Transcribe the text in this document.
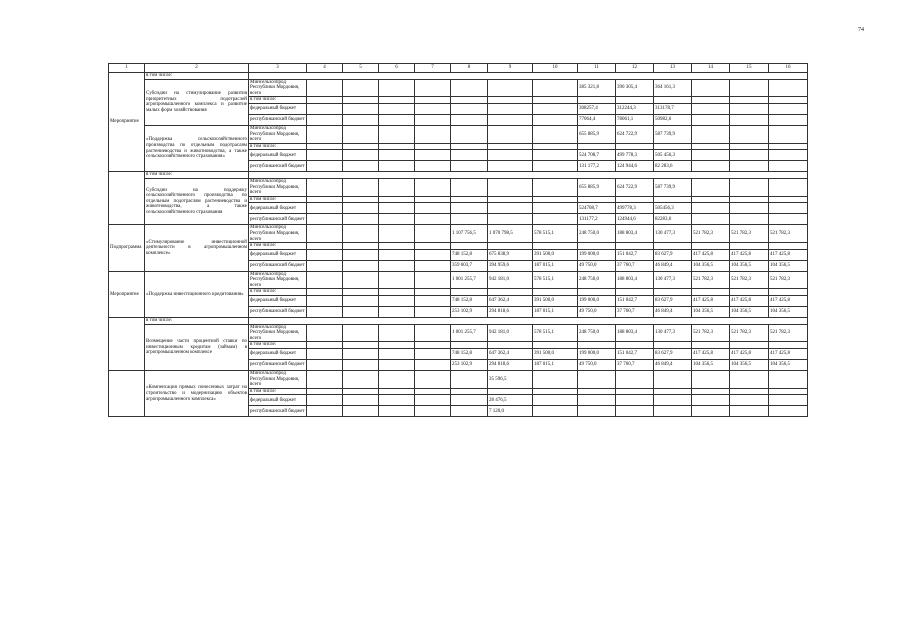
74
1	2	3	4	5	6	7	8	9	10	11	12	13	14	15	16
Мероприятие	в том числе:														
	Субсидии на стимулирование развития приоритетных подотраслей агропромышленного комплекса и развитие малых форм хозяйствования	Минсельхозпрод Республики Мордовия, всего								385 321,8	390 305,4	364 161,3			
		в том числе:													
		федеральный бюджет								308257,4	312244,3	313178,7			
		республиканский бюджет								77064,4	78061,1	50982,6			
	«Поддержка сельскохозяйственного производства по отдельным подотраслям растениеводства и животноводства, а также сельскохозяйственного страхования»	Минсельхозпрод Республики Мордовия, всего								655 885,9	624 722,9	587 739,9			
		в том числе:													
		федеральный бюджет								524 708,7	499 778,3	505 456,3			
		республиканский бюджет								131 177,2	124 944,6	82 283,6			
	в том числе:														
	Субсидии на поддержку сельскохозяйственного производства по отдельным подотраслям растениеводства и животноводства, а также сельскохозяйственного страхования	Минсельхозпрод Республики Мордовия, всего								655 885,9	624 722,9	587 739,9			
		в том числе:													
		федеральный бюджет								524708,7	499778,3	505456,3			
		республиканский бюджет								131177,2	124944,6	82283,6			
Подпрограмма	«Стимулирование инвестиционной деятельности в агропромышленном комплексе»	Минсельхозпрод Республики Мордовия, всего					1 107 756,5	1 070 798,5	578 515,1	248 750,0	188 803,4	130 477,3	521 782,3	521 782,3	521 782,3
		в том числе:													
		федеральный бюджет					748 152,8	675 838,9	391 500,0	199 000,0	151 042,7	83 627,9	417 425,8	417 425,8	417 425,8
		республиканский бюджет					359 603,7	394 959,6	187 015,1	49 750,0	37 760,7	46 849,4	104 356,5	104 356,5	104 356,5
Мероприятие	«Поддержка инвестиционного кредитования»	Минсельхозпрод Республики Мордовия, всего					1 001 255,7	942 181,0	578 515,1	248 750,0	188 803,4	130 477,3	521 782,3	521 782,3	521 782,3
		в том числе:													
		федеральный бюджет					748 152,8	647 362,4	391 500,0	199 000,0	151 042,7	83 627,9	417 425,8	417 425,8	417 425,8
		республиканский бюджет					253 102,9	294 818,6	187 015,1	49 750,0	37 760,7	46 849,4	104 356,5	104 356,5	104 356,5
	в том числе:														
	Возмещение части процентной ставки по инвестиционным кредитам (займам) в агропромышленном комплексе	Минсельхозпрод Республики Мордовия, всего					1 001 255,7	942 181,0	578 515,1	248 750,0	188 803,4	130 477,3	521 782,3	521 782,3	521 782,3
		в том числе:													
		федеральный бюджет					748 152,8	647 362,4	391 500,0	199 000,0	151 042,7	83 627,9	417 425,8	417 425,8	417 425,8
		республиканский бюджет					253 102,9	294 818,6	187 015,1	49 750,0	37 760,7	46 849,4	104 356,5	104 356,5	104 356,5
	«Компенсация прямых понесенных затрат на строительство и модернизацию объектов агропромышленного комплекса»	Минсельхозпрод Республики Мордовия, всего						35 596,5							
		в том числе:													
		федеральный бюджет						28 476,5							
		республиканский бюджет						7 120,0							
